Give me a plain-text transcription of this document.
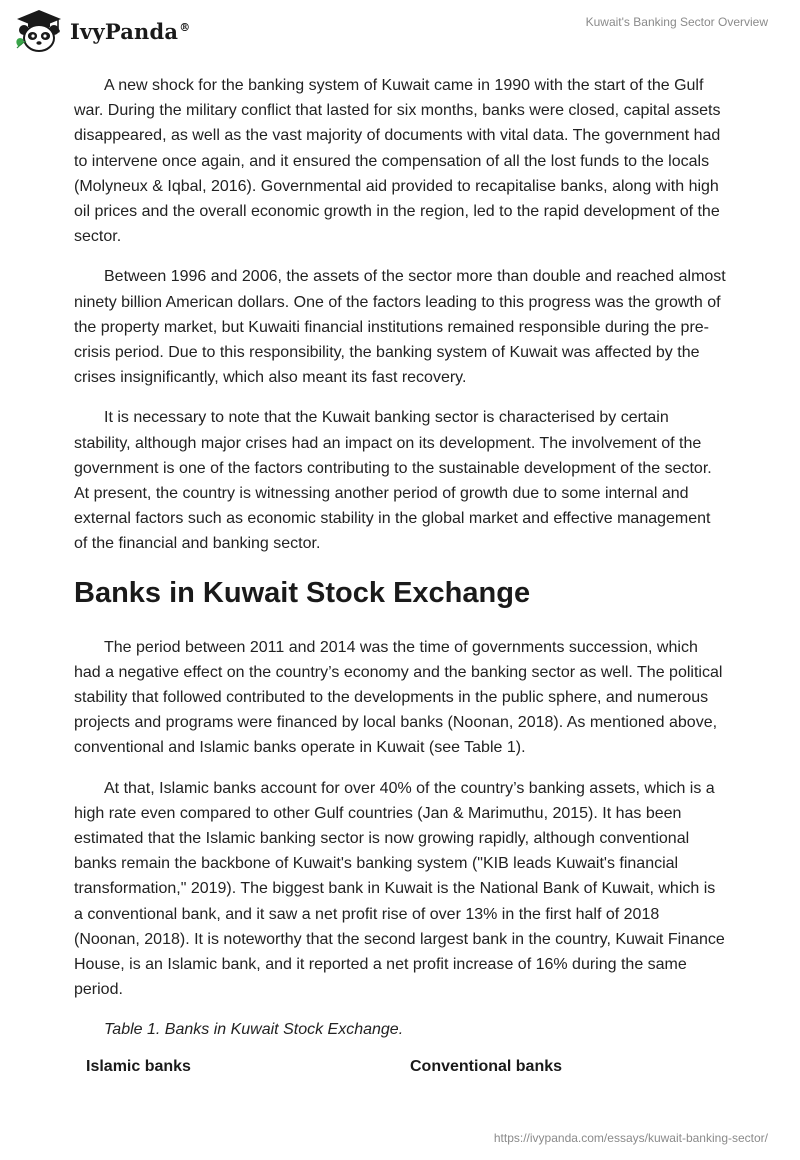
IvyPanda®	Kuwait's Banking Sector Overview

A new shock for the banking system of Kuwait came in 1990 with the start of the Gulf war. During the military conflict that lasted for six months, banks were closed, capital assets disappeared, as well as the vast majority of documents with vital data. The government had to intervene once again, and it ensured the compensation of all the lost funds to the locals (Molyneux & Iqbal, 2016). Governmental aid provided to recapitalise banks, along with high oil prices and the overall economic growth in the region, led to the rapid development of the sector.

Between 1996 and 2006, the assets of the sector more than double and reached almost ninety billion American dollars. One of the factors leading to this progress was the growth of the property market, but Kuwaiti financial institutions remained responsible during the pre-crisis period. Due to this responsibility, the banking system of Kuwait was affected by the crises insignificantly, which also meant its fast recovery.

It is necessary to note that the Kuwait banking sector is characterised by certain stability, although major crises had an impact on its development. The involvement of the government is one of the factors contributing to the sustainable development of the sector. At present, the country is witnessing another period of growth due to some internal and external factors such as economic stability in the global market and effective management of the financial and banking sector.

Banks in Kuwait Stock Exchange

The period between 2011 and 2014 was the time of governments succession, which had a negative effect on the country’s economy and the banking sector as well. The political stability that followed contributed to the developments in the public sphere, and numerous projects and programs were financed by local banks (Noonan, 2018). As mentioned above, conventional and Islamic banks operate in Kuwait (see Table 1).

At that, Islamic banks account for over 40% of the country’s banking assets, which is a high rate even compared to other Gulf countries (Jan & Marimuthu, 2015). It has been estimated that the Islamic banking sector is now growing rapidly, although conventional banks remain the backbone of Kuwait's banking system ("KIB leads Kuwait's financial transformation," 2019). The biggest bank in Kuwait is the National Bank of Kuwait, which is a conventional bank, and it saw a net profit rise of over 13% in the first half of 2018 (Noonan, 2018). It is noteworthy that the second largest bank in the country, Kuwait Finance House, is an Islamic bank, and it reported a net profit increase of 16% during the same period.

Table 1. Banks in Kuwait Stock Exchange.
Islamic banks	Conventional banks
https://ivypanda.com/essays/kuwait-banking-sector/
